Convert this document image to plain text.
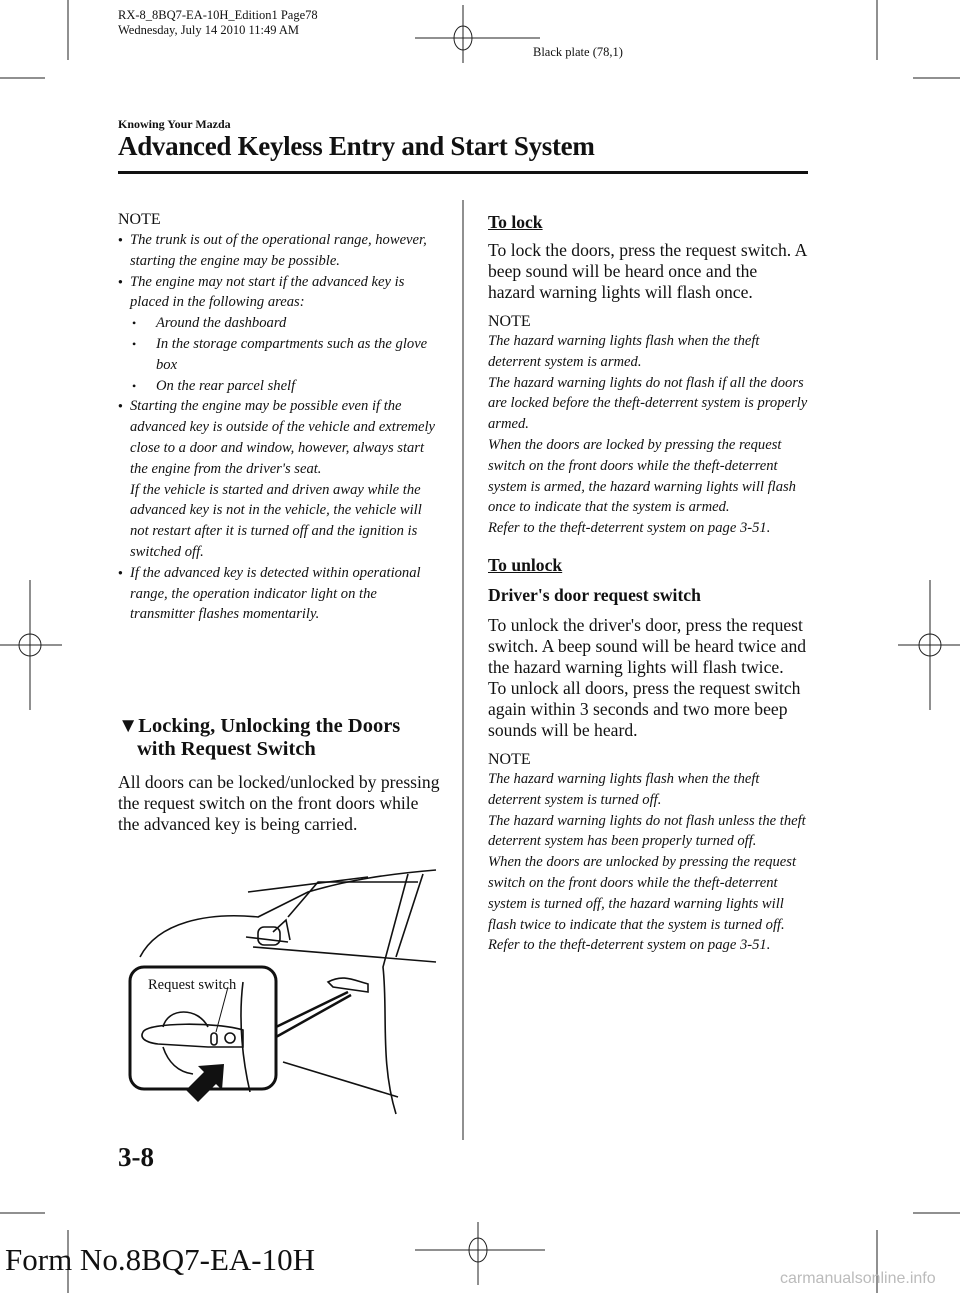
RX-8_8BQ7-EA-10H_Edition1 Page78
Wednesday, July 14 2010 11:49 AM
Black plate (78,1)
Knowing Your Mazda
Advanced Keyless Entry and Start System
NOTE
● The trunk is out of the operational range, however, starting the engine may be possible.
● The engine may not start if the advanced key is placed in the following areas:
• Around the dashboard
• In the storage compartments such as the glove box
• On the rear parcel shelf
● Starting the engine may be possible even if the advanced key is outside of the vehicle and extremely close to a door and window, however, always start the engine from the driver's seat.
If the vehicle is started and driven away while the advanced key is not in the vehicle, the vehicle will not restart after it is turned off and the ignition is switched off.
● If the advanced key is detected within operational range, the operation indicator light on the transmitter flashes momentarily.
▼Locking, Unlocking the Doors
with Request Switch
All doors can be locked/unlocked by pressing the request switch on the front doors while the advanced key is being carried.
Request switch
To lock
To lock the doors, press the request switch. A beep sound will be heard once and the hazard warning lights will flash once.
NOTE
The hazard warning lights flash when the theft deterrent system is armed.
The hazard warning lights do not flash if all the doors are locked before the theft-deterrent system is properly armed.
When the doors are locked by pressing the request switch on the front doors while the theft-deterrent system is armed, the hazard warning lights will flash once to indicate that the system is armed.
Refer to the theft-deterrent system on page 3-51.
To unlock
Driver's door request switch
To unlock the driver's door, press the request switch. A beep sound will be heard twice and the hazard warning lights will flash twice.
To unlock all doors, press the request switch again within 3 seconds and two more beep sounds will be heard.
NOTE
The hazard warning lights flash when the theft deterrent system is turned off.
The hazard warning lights do not flash unless the theft deterrent system has been properly turned off.
When the doors are unlocked by pressing the request switch on the front doors while the theft-deterrent system is turned off, the hazard warning lights will flash twice to indicate that the system is turned off.
Refer to the theft-deterrent system on page 3-51.
3-8
Form No.8BQ7-EA-10H
carmanualsonline.info
